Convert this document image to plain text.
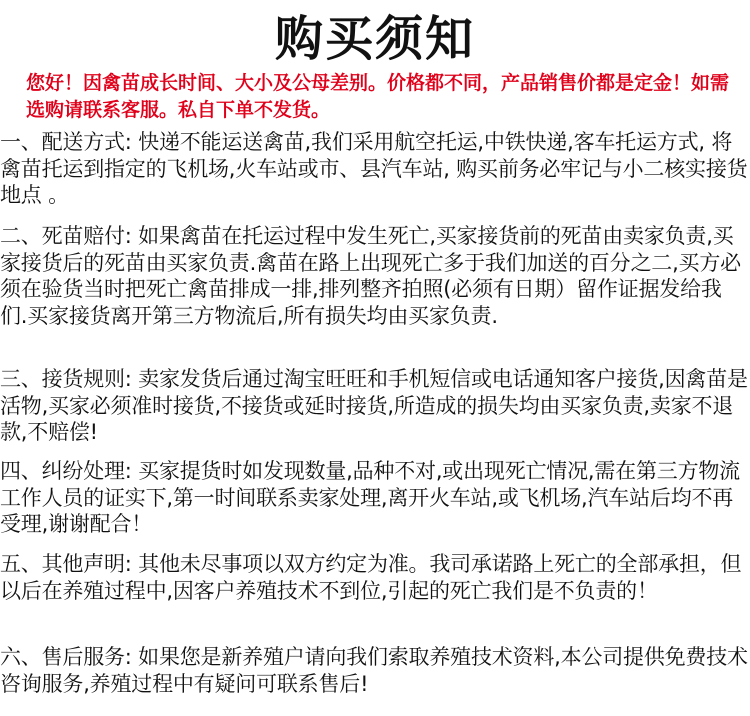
购买须知

您好！因禽苗成长时间、大小及公母差别。价格都不同，产品销售价都是定金！如需选购请联系客服。私自下单不发货。

一、配送方式: 快递不能运送禽苗,我们采用航空托运,中铁快递,客车托运方式, 将禽苗托运到指定的飞机场,火车站或市、县汽车站, 购买前务必牢记与小二核实接货地点 。

二、死苗赔付: 如果禽苗在托运过程中发生死亡,买家接货前的死苗由卖家负责,买家接货后的死苗由买家负责.禽苗在路上出现死亡多于我们加送的百分之二,买方必须在验货当时把死亡禽苗排成一排,排列整齐拍照(必须有日期）留作证据发给我们.买家接货离开第三方物流后,所有损失均由买家负责.

三、接货规则: 卖家发货后通过淘宝旺旺和手机短信或电话通知客户接货,因禽苗是活物,买家必须准时接货,不接货或延时接货,所造成的损失均由买家负责,卖家不退款,不赔偿!

四、纠纷处理: 买家提货时如发现数量,品种不对,或出现死亡情况,需在第三方物流工作人员的证实下,第一时间联系卖家处理,离开火车站,或飞机场,汽车站后均不再受理,谢谢配合！

五、其他声明: 其他未尽事项以双方约定为准。我司承诺路上死亡的全部承担，但以后在养殖过程中,因客户养殖技术不到位,引起的死亡我们是不负责的！

六、售后服务: 如果您是新养殖户请向我们索取养殖技术资料,本公司提供免费技术咨询服务,养殖过程中有疑问可联系售后!
